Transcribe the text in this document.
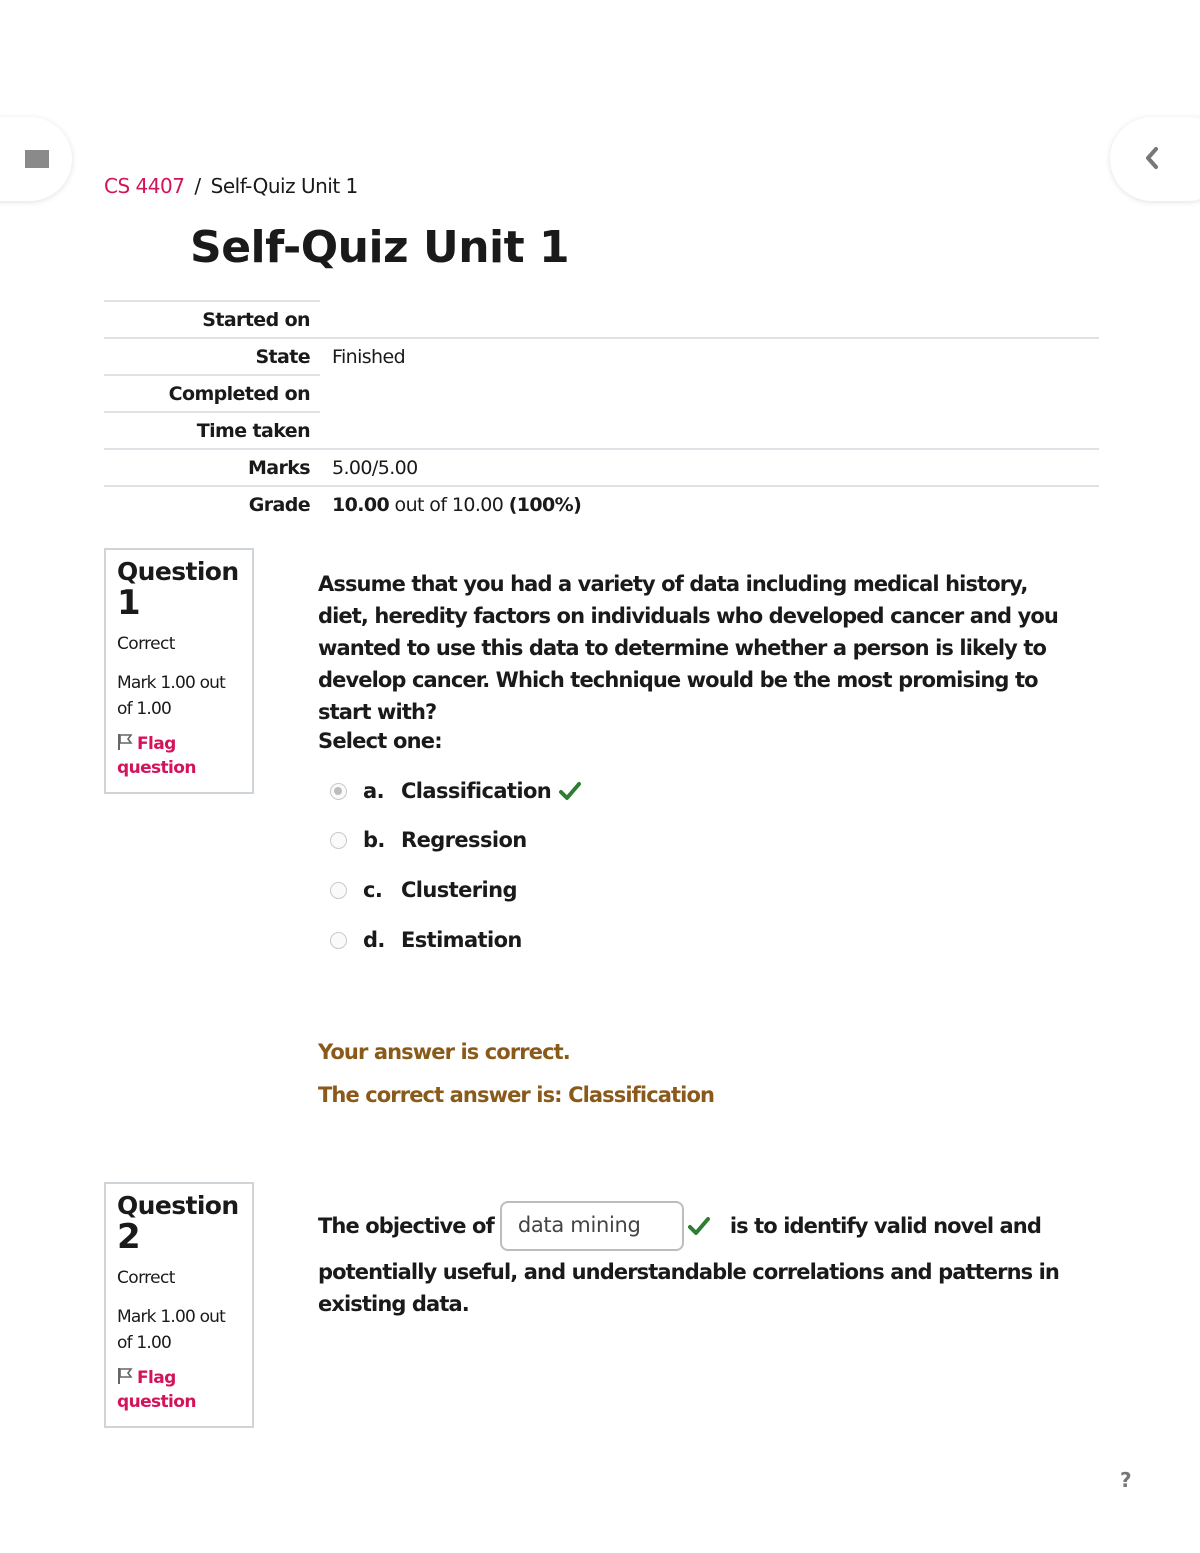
CS 4407 / Self-Quiz Unit 1
Self-Quiz Unit 1
Started on	
State	Finished
Completed on	
Time taken	
Marks	5.00/5.00
Grade	10.00 out of 10.00 (100%)
Question
1
Correct
Mark 1.00 out of 1.00
Flag question

Assume that you had a variety of data including medical history, diet, heredity factors on individuals who developed cancer and you wanted to use this data to determine whether a person is likely to develop cancer. Which technique would be the most promising to start with?

Select one:
a. Classification
b. Regression
c. Clustering
d. Estimation
Your answer is correct.
The correct answer is: Classification
Question
2
Correct
Mark 1.00 out of 1.00
Flag question
The objective of	data mining	is to identify valid novel and
potentially useful, and understandable correlations and patterns in existing data.
?
